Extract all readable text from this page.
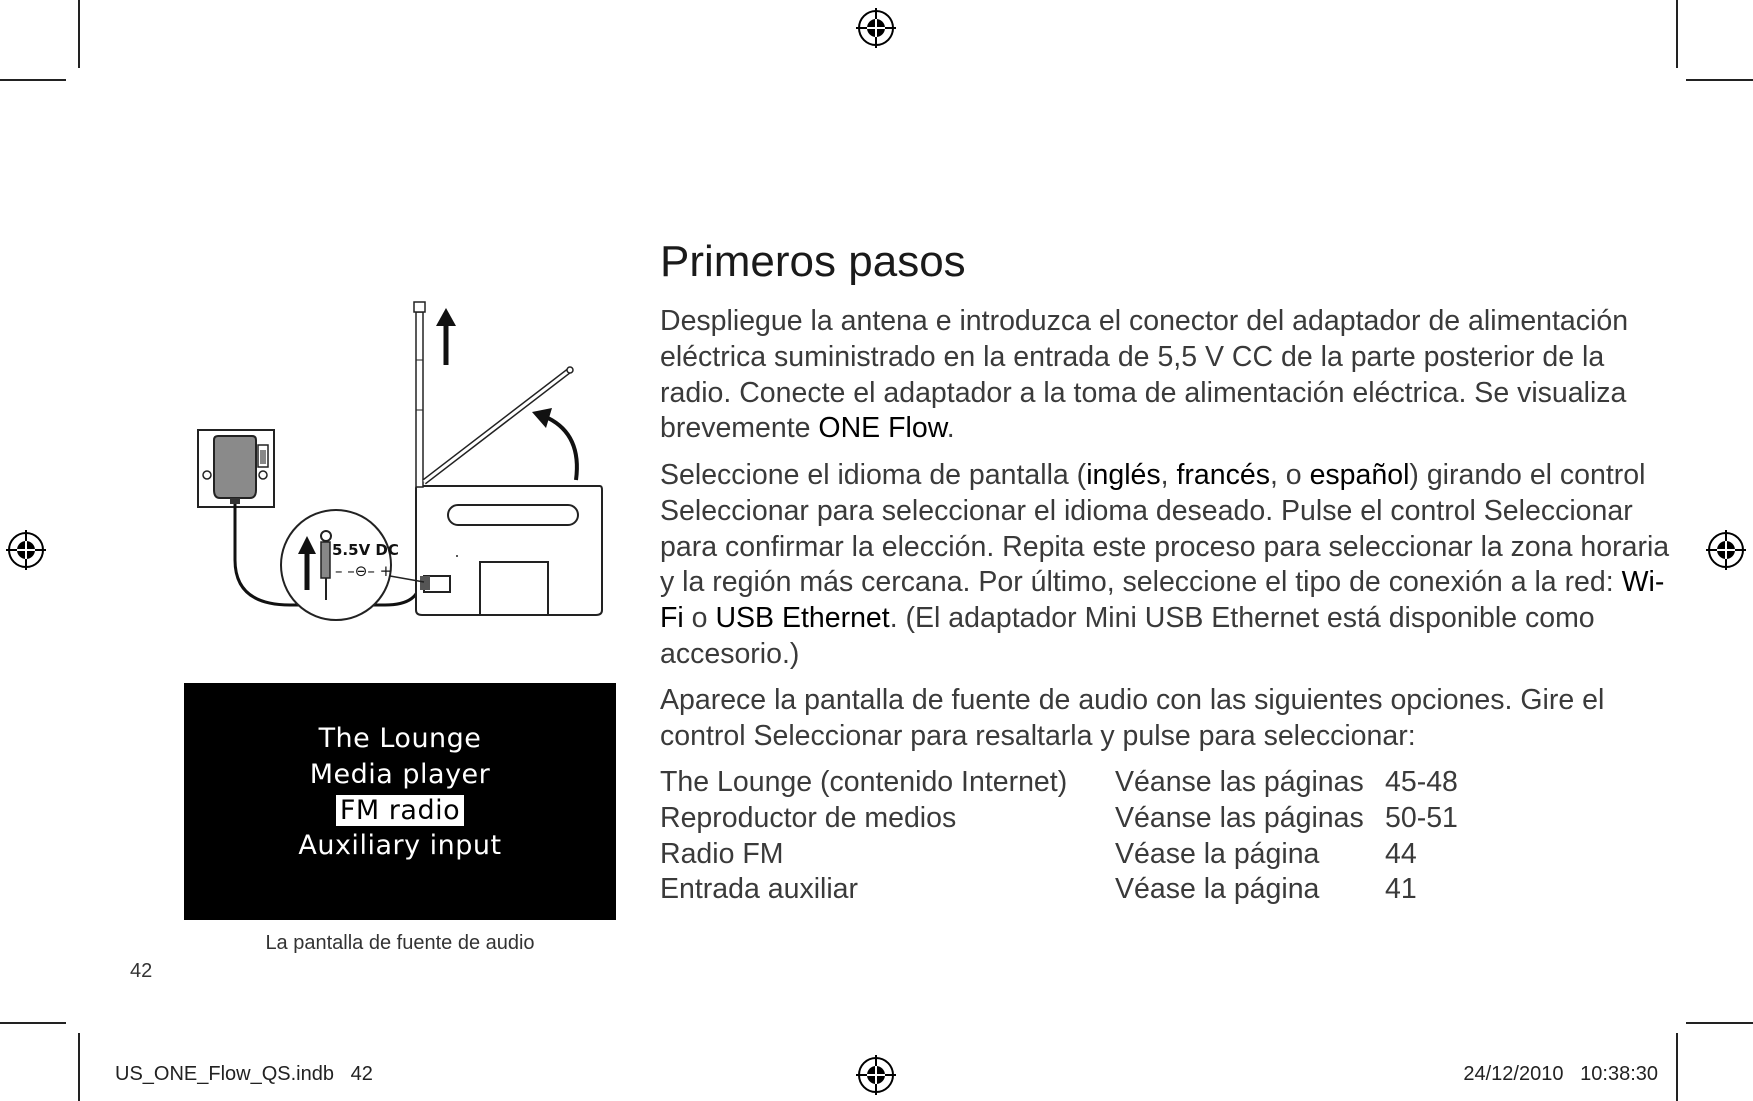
5.5V DC
– –⊖– +
The Lounge
Media player
FM radio
Auxiliary input
La pantalla de fuente de audio
42
Primeros pasos

Despliegue la antena e introduzca el conector del adaptador de alimentación eléctrica suministrado en la entrada de 5,5 V CC de la parte posterior de la radio. Conecte el adaptador a la toma de alimentación eléctrica. Se visualiza brevemente ONE Flow.

Seleccione el idioma de pantalla (inglés, francés, o español) girando el control Seleccionar para seleccionar el idioma deseado. Pulse el control Seleccionar para confirmar la elección. Repita este proceso para seleccionar la zona horaria y la región más cercana. Por último, seleccione el tipo de conexión a la red: Wi-Fi o USB Ethernet. (El adaptador Mini USB Ethernet está disponible como accesorio.)

Aparece la pantalla de fuente de audio con las siguientes opciones. Gire el control Seleccionar para resaltarla y pulse para seleccionar:

The Lounge (contenido Internet) Véanse las páginas 45-48
Reproductor de medios	Véanse las páginas 50-51
Radio FM	Véase la página 44
Entrada auxiliar	Véase la página 41
US_ONE_Flow_QS.indb   42	24/12/2010 10:38:30
